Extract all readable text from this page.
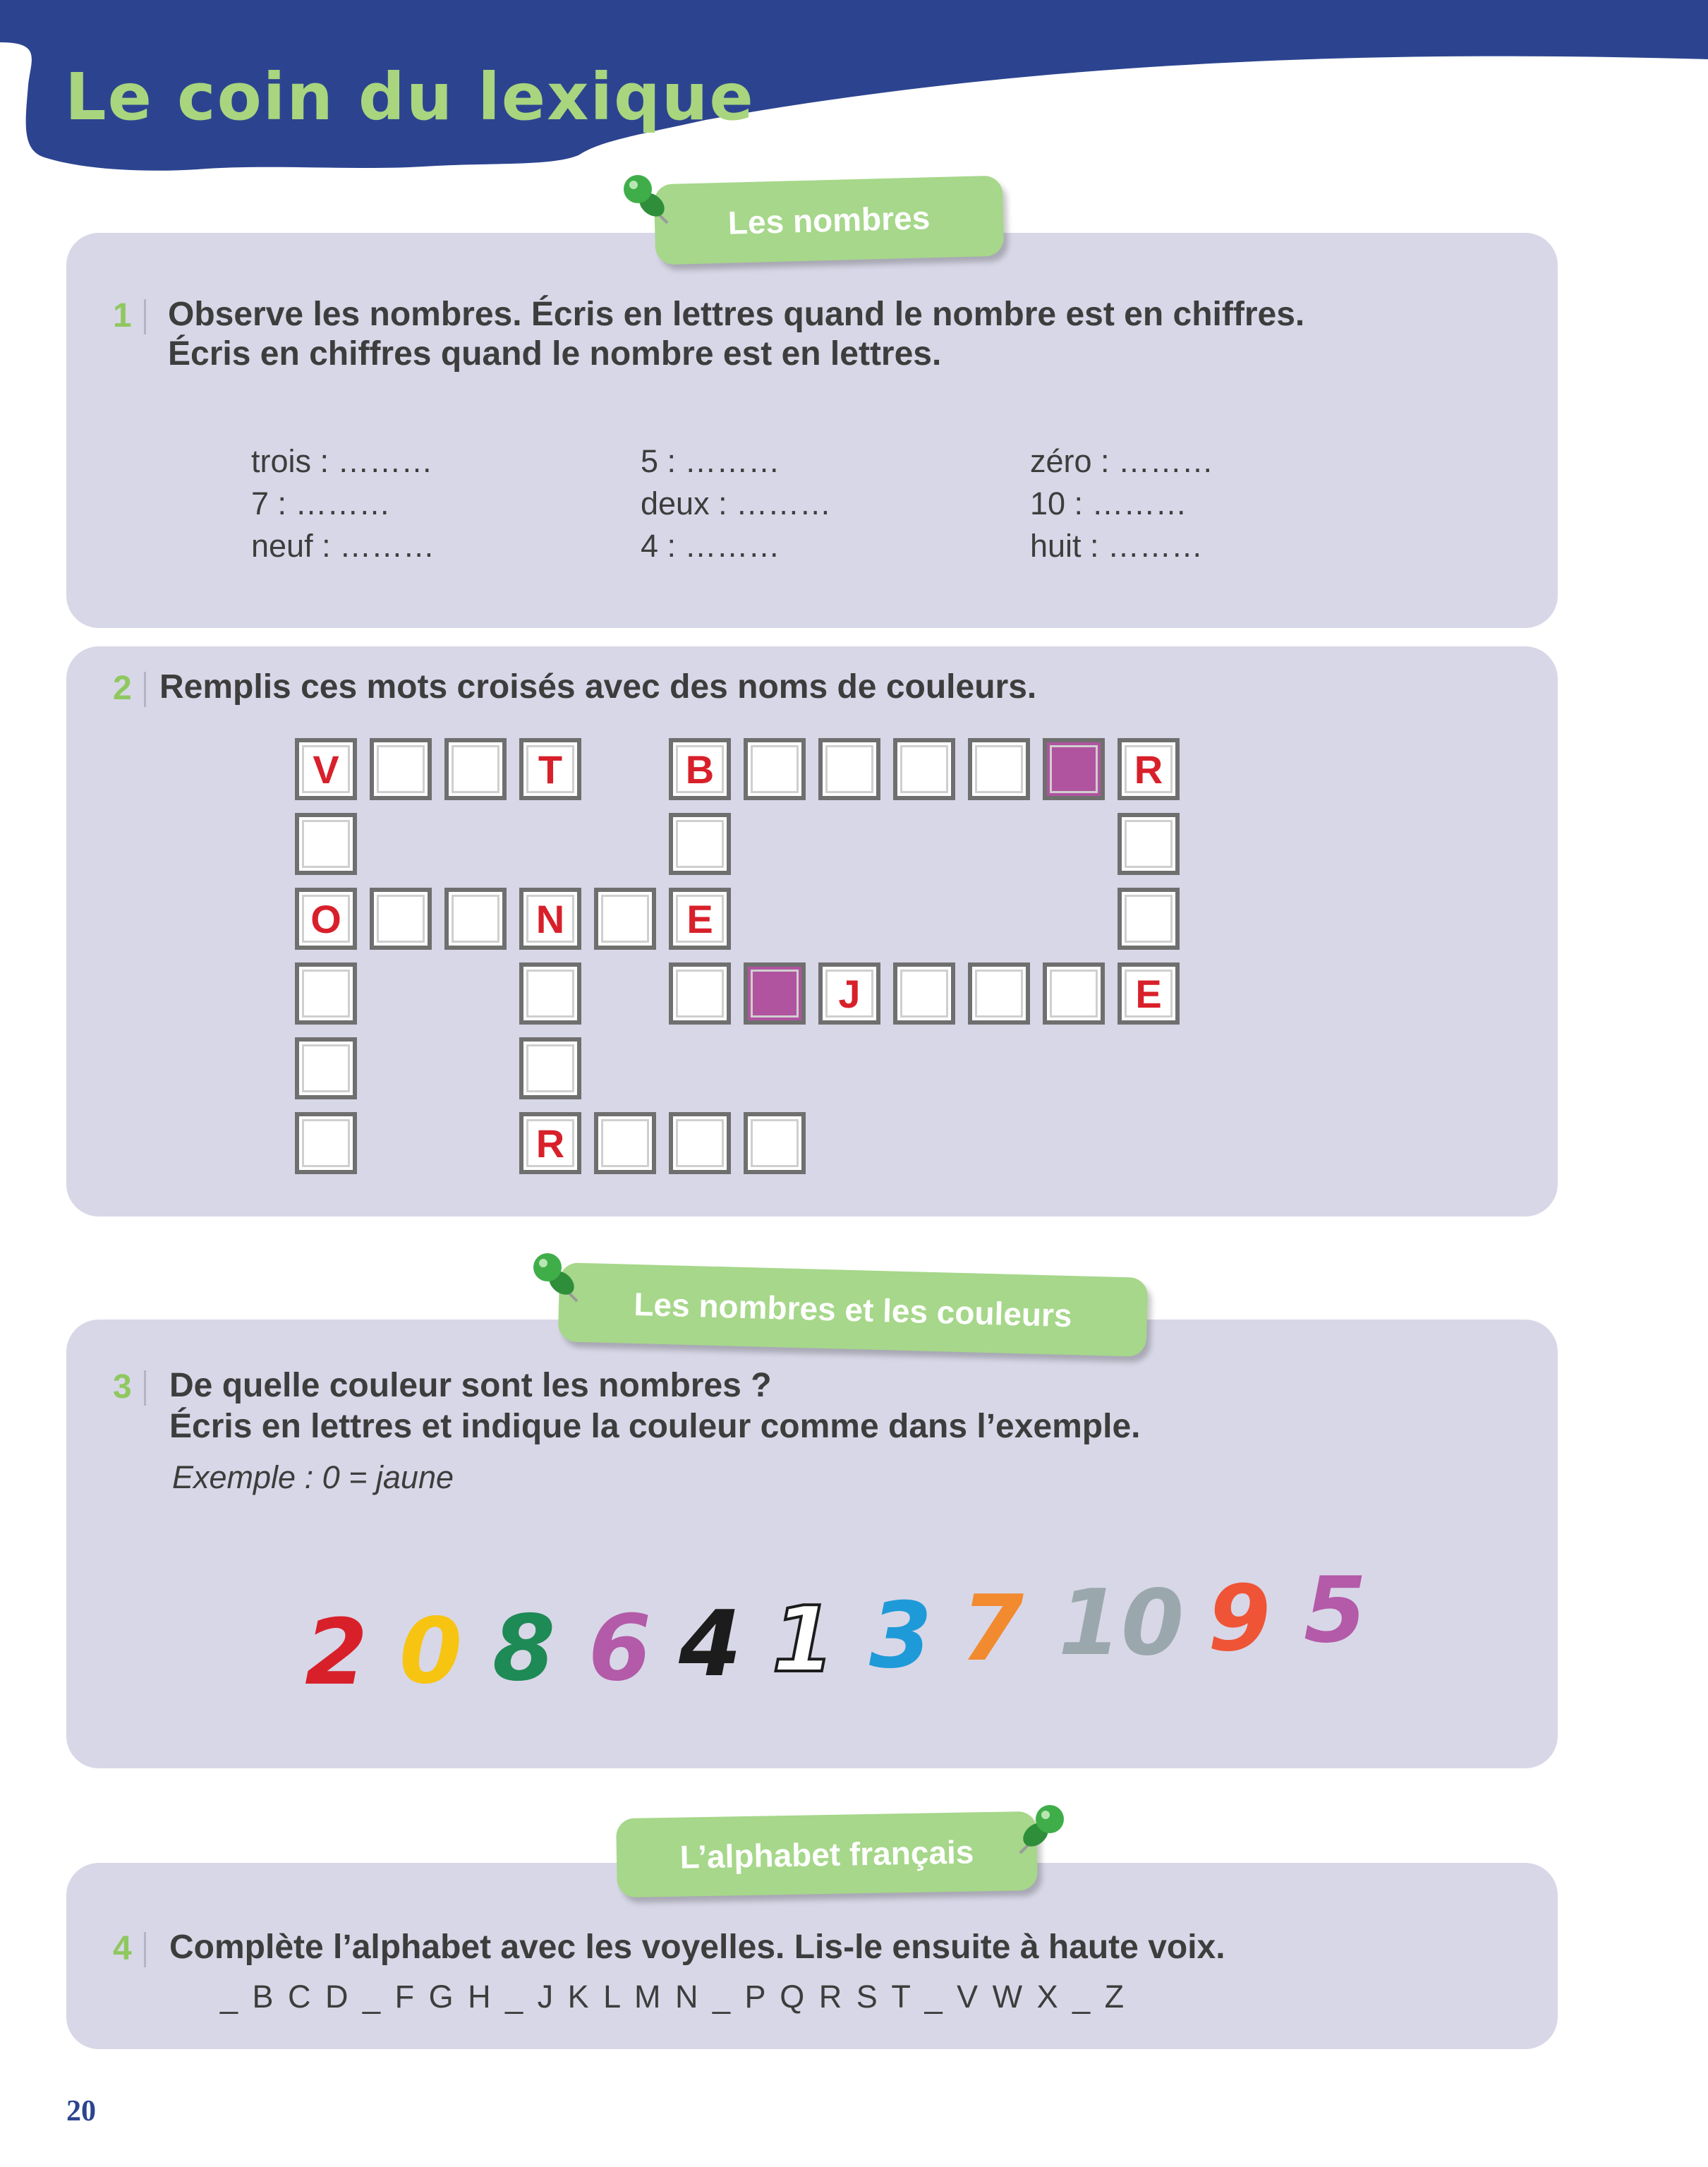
Le coin du lexique
Les nombres
1 Observe les nombres. Écris en lettres quand le nombre est en chiffres.
Écris en chiffres quand le nombre est en lettres.
trois : ………	5 : ………	zéro : ………
7 : ………	deux : ………	10 : ………
neuf : ………	4 : ………	huit : ………
2 Remplis ces mots croisés avec des noms de couleurs.
V	T	B	R
O	N	E
R
J	E
Les nombres et les couleurs
3 De quelle couleur sont les nombres ?
Écris en lettres et indique la couleur comme dans l’exemple.
Exemple : 0 = jaune
2 0 8 6 4 1 3 7 10 9 5
L’alphabet français
4 Complète l’alphabet avec les voyelles. Lis-le ensuite à haute voix.
_ B C D _ F G H _ J K L M N _ P Q R S T _ V W X _ Z
20
